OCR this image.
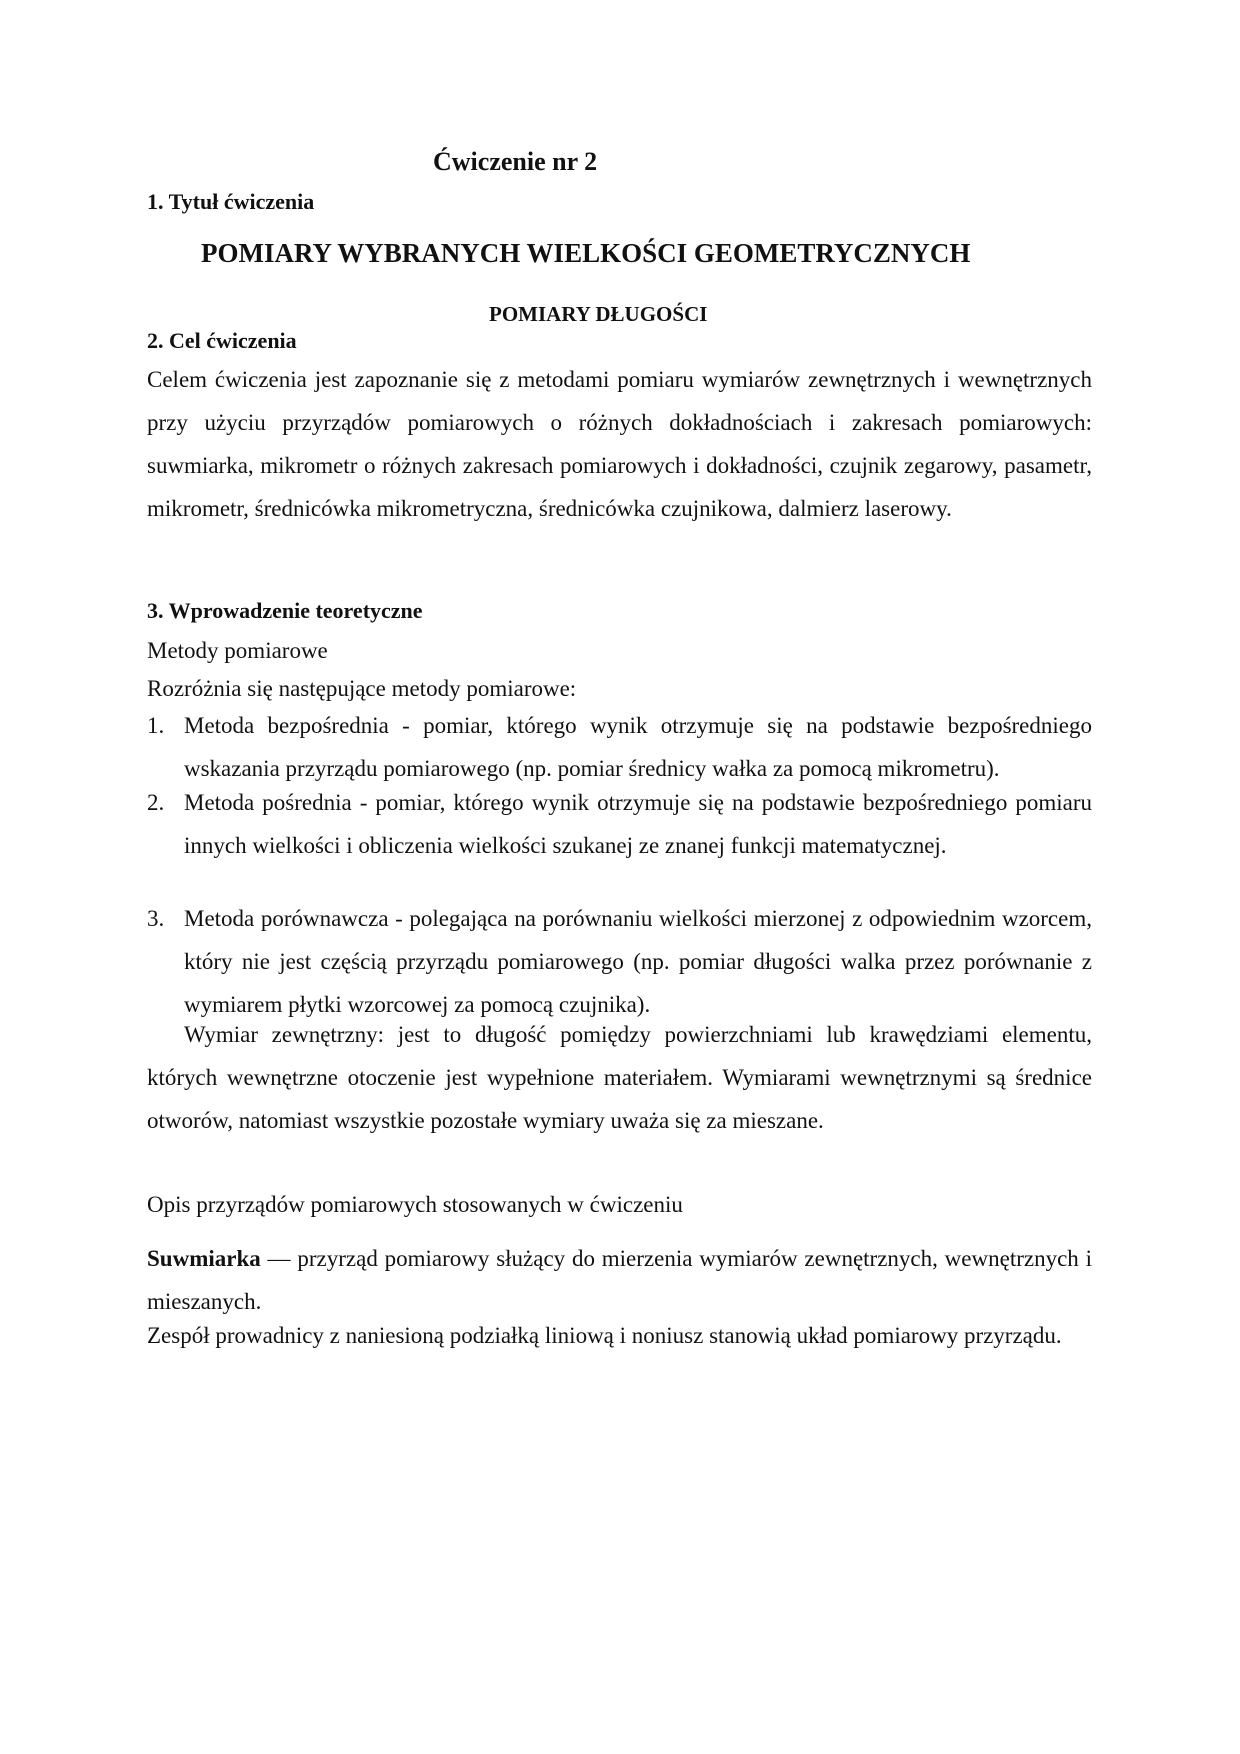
Ćwiczenie nr 2
1. Tytuł ćwiczenia
POMIARY WYBRANYCH WIELKOŚCI GEOMETRYCZNYCH
POMIARY DŁUGOŚCI
2. Cel ćwiczenia

Celem ćwiczenia jest zapoznanie się z metodami pomiaru wymiarów zewnętrznych i wewnętrznych przy użyciu przyrządów pomiarowych o różnych dokładnościach i zakresach pomiarowych: suwmiarka, mikrometr o różnych zakresach pomiarowych i dokładności, czujnik zegarowy, pasametr, mikrometr, średnicówka mikrometryczna, średnicówka czujnikowa, dalmierz laserowy.

3. Wprowadzenie teoretyczne
Metody pomiarowe
Rozróżnia się następujące metody pomiarowe:
1. Metoda bezpośrednia - pomiar, którego wynik otrzymuje się na podstawie bezpośredniego wskazania przyrządu pomiarowego (np. pomiar średnicy wałka za pomocą mikrometru).
2. Metoda pośrednia - pomiar, którego wynik otrzymuje się na podstawie bezpośredniego pomiaru innych wielkości i obliczenia wielkości szukanej ze znanej funkcji matematycznej.
3. Metoda porównawcza - polegająca na porównaniu wielkości mierzonej z odpowiednim wzorcem, który nie jest częścią przyrządu pomiarowego (np. pomiar długości walka przez porównanie z wymiarem płytki wzorcowej za pomocą czujnika).

Wymiar zewnętrzny: jest to długość pomiędzy powierzchniami lub krawędziami elementu, których wewnętrzne otoczenie jest wypełnione materiałem. Wymiarami wewnętrznymi są średnice otworów, natomiast wszystkie pozostałe wymiary uważa się za mieszane.

Opis przyrządów pomiarowych stosowanych w ćwiczeniu

Suwmiarka — przyrząd pomiarowy służący do mierzenia wymiarów zewnętrznych, wewnętrznych i mieszanych.

Zespół prowadnicy z naniesioną podziałką liniową i noniusz stanowią układ pomiarowy przyrządu.
